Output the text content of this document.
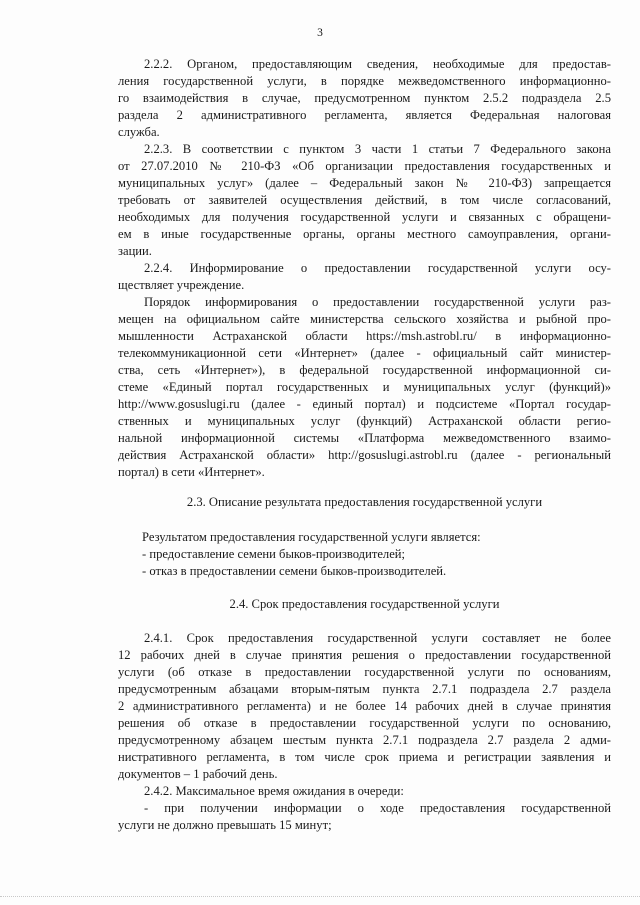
3
2.2.2. Органом, предоставляющим сведения, необходимые для предостав-
ления государственной услуги, в порядке межведомственного информационно-
го взаимодействия в случае, предусмотренном пунктом 2.5.2 подраздела 2.5
раздела 2 административного регламента, является Федеральная налоговая
служба.
2.2.3. В соответствии с пунктом 3 части 1 статьи 7 Федерального закона
от 27.07.2010 № 210-ФЗ «Об организации предоставления государственных и
муниципальных услуг» (далее – Федеральный закон № 210-ФЗ) запрещается
требовать от заявителей осуществления действий, в том числе согласований,
необходимых для получения государственной услуги и связанных с обращени-
ем в иные государственные органы, органы местного самоуправления, органи-
зации.
2.2.4. Информирование о предоставлении государственной услуги осу-
ществляет учреждение.
Порядок информирования о предоставлении государственной услуги раз-
мещен на официальном сайте министерства сельского хозяйства и рыбной про-
мышленности Астраханской области https://msh.astrobl.ru/ в информационно-
телекоммуникационной сети «Интернет» (далее - официальный сайт министер-
ства, сеть «Интернет»), в федеральной государственной информационной си-
стеме «Единый портал государственных и муниципальных услуг (функций)»
http://www.gosuslugi.ru (далее - единый портал) и подсистеме «Портал государ-
ственных и муниципальных услуг (функций) Астраханской области регио-
нальной информационной системы «Платформа межведомственного взаимо-
действия Астраханской области» http://gosuslugi.astrobl.ru (далее - региональный
портал) в сети «Интернет».
2.3. Описание результата предоставления государственной услуги
Результатом предоставления государственной услуги является:
- предоставление семени быков-производителей;
- отказ в предоставлении семени быков-производителей.
2.4. Срок предоставления государственной услуги
2.4.1. Срок предоставления государственной услуги составляет не более
12 рабочих дней в случае принятия решения о предоставлении государственной
услуги (об отказе в предоставлении государственной услуги по основаниям,
предусмотренным абзацами вторым-пятым пункта 2.7.1 подраздела 2.7 раздела
2 административного регламента) и не более 14 рабочих дней в случае принятия
решения об отказе в предоставлении государственной услуги по основанию,
предусмотренному абзацем шестым пункта 2.7.1 подраздела 2.7 раздела 2 адми-
нистративного регламента, в том числе срок приема и регистрации заявления и
документов – 1 рабочий день.
2.4.2. Максимальное время ожидания в очереди:
- при получении информации о ходе предоставления государственной
услуги не должно превышать 15 минут;
